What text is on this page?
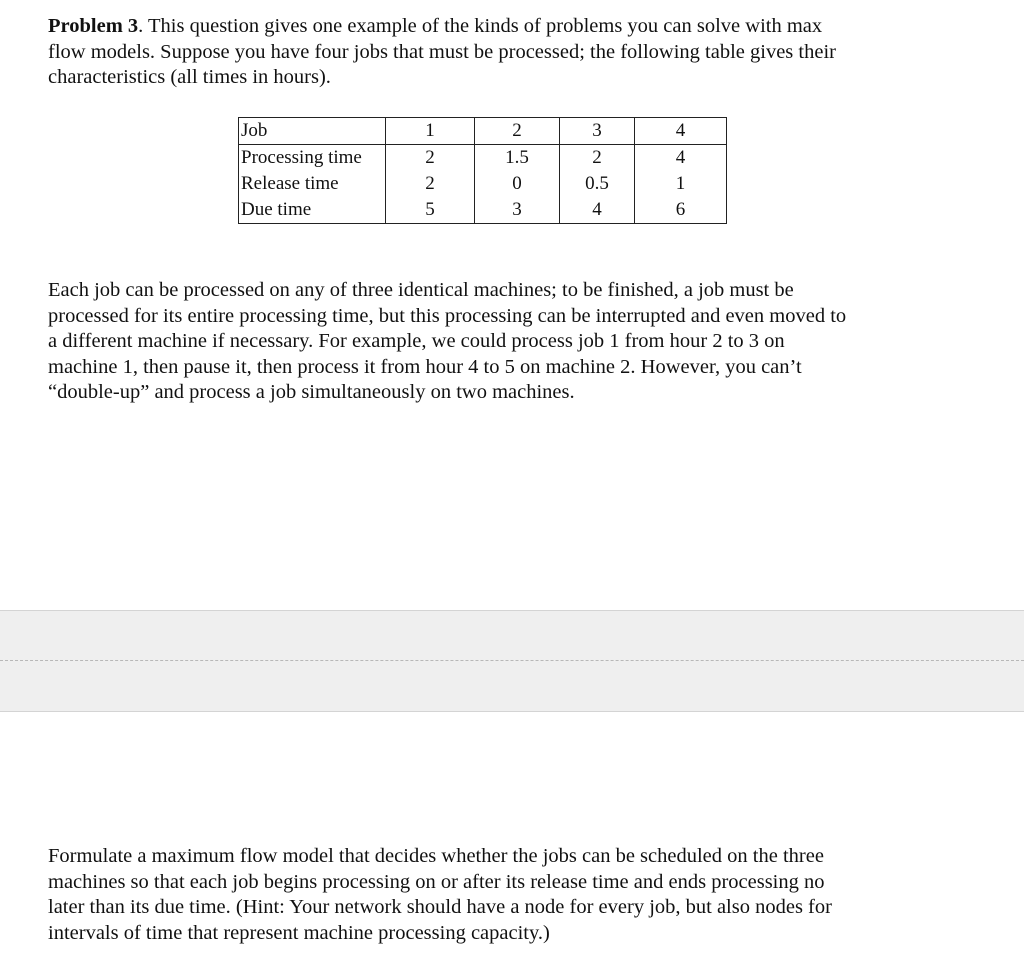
Problem 3. This question gives one example of the kinds of problems you can solve with max
flow models. Suppose you have four jobs that must be processed; the following table gives their
characteristics (all times in hours).

Job	1	2	3	4
Processing time	2	1.5	2	4
Release time	2	0	0.5	1
Due time	5	3	4	6

Each job can be processed on any of three identical machines; to be finished, a job must be
processed for its entire processing time, but this processing can be interrupted and even moved to
a different machine if necessary. For example, we could process job 1 from hour 2 to 3 on
machine 1, then pause it, then process it from hour 4 to 5 on machine 2. However, you can’t
“double-up” and process a job simultaneously on two machines.

Formulate a maximum flow model that decides whether the jobs can be scheduled on the three
machines so that each job begins processing on or after its release time and ends processing no
later than its due time. (Hint: Your network should have a node for every job, but also nodes for
intervals of time that represent machine processing capacity.)
